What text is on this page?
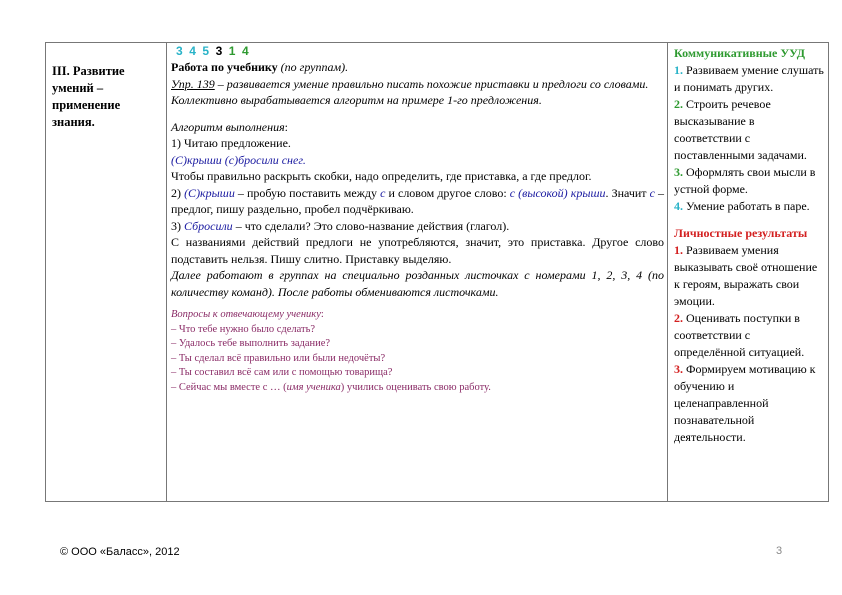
III. Развитие умений – применение знания.
3 4 5 3 1 4
Работа по учебнику (по группам).
Упр. 139 – развивается умение правильно писать похожие приставки и предлоги со словами.
Коллективно вырабатывается алгоритм на примере 1-го предложения.
Алгоритм выполнения:
1) Читаю предложение.
(С)крыши (с)бросили снег.
Чтобы правильно раскрыть скобки, надо определить, где приставка, а где предлог.
2) (С)крыши – пробую поставить между с и словом другое слово: с (высокой) крыши. Значит с – предлог, пишу раздельно, пробел подчёркиваю.
3) Сбросили – что сделали? Это слово-название действия (глагол).
С названиями действий предлоги не употребляются, значит, это приставка. Другое слово подставить нельзя. Пишу слитно. Приставку выделяю.
Далее работают в группах на специально розданных листочках с номерами 1, 2, 3, 4 (по количеству команд). После работы обмениваются листочками.
Вопросы к отвечающему ученику:
– Что тебе нужно было сделать?
– Удалось тебе выполнить задание?
– Ты сделал всё правильно или были недочёты?
– Ты составил всё сам или с помощью товарища?
– Сейчас мы вместе с … (имя ученика) учились оценивать свою работу.
Коммуникативные УУД
1. Развиваем умение слушать и понимать других.
2. Строить речевое высказывание в соответствии с поставленными задачами.
3. Оформлять свои мысли в устной форме.
4. Умение работать в паре.
Личностные результаты
1. Развиваем умения выказывать своё отношение к героям, выражать свои эмоции.
2. Оценивать поступки в соответствии с определённой ситуацией.
3. Формируем мотивацию к обучению и целенаправленной познавательной деятельности.
© ООО «Баласс», 2012	3
